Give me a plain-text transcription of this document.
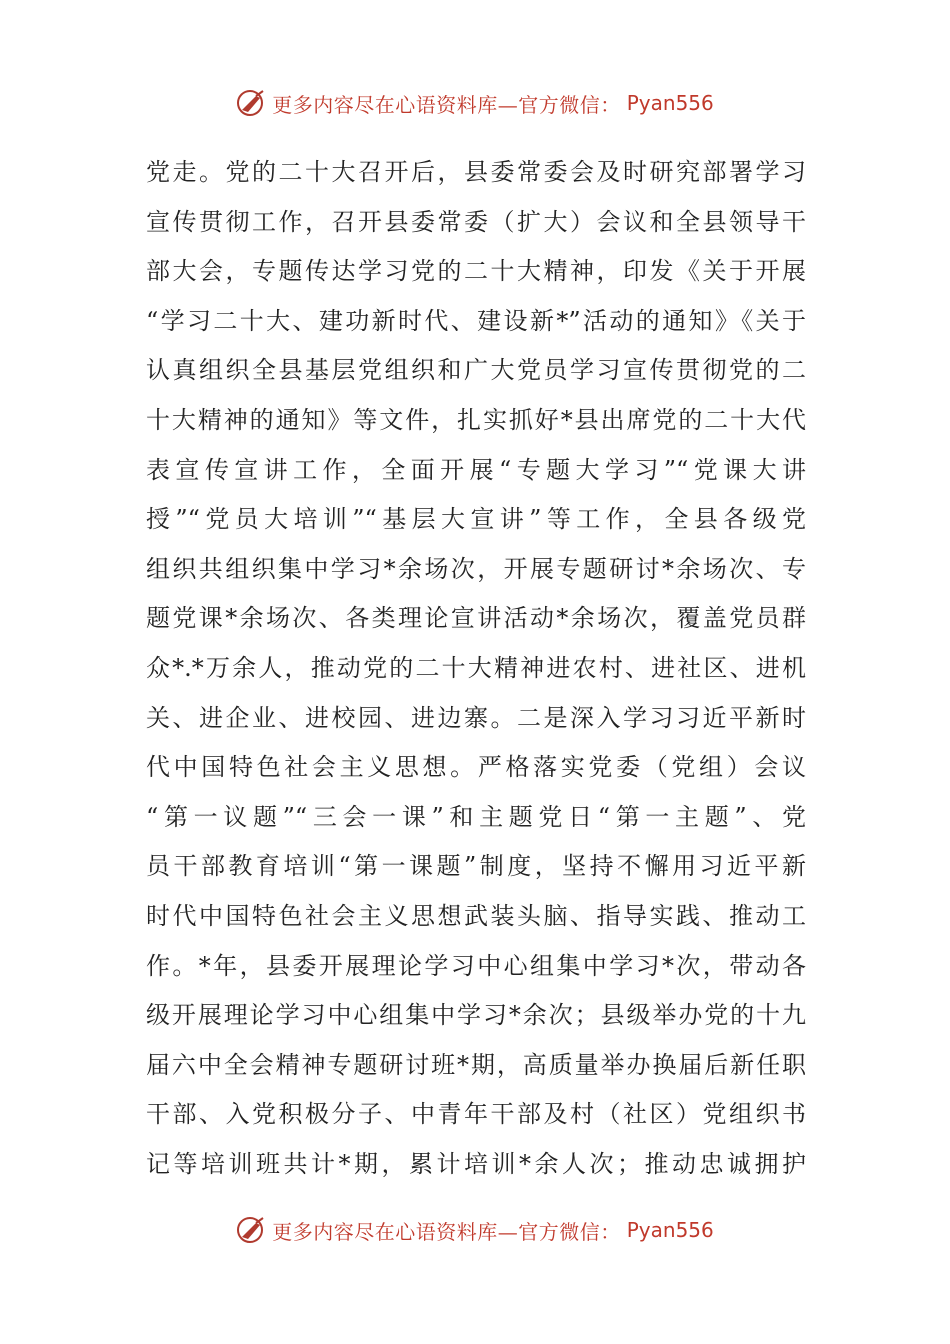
更多内容尽在心语资料库—官方微信： Pyan556
党走。党的二十大召开后，县委常委会及时研究部署学习
宣传贯彻工作，召开县委常委（扩大）会议和全县领导干
部大会，专题传达学习党的二十大精神，印发《关于开展
“学习二十大、建功新时代、建设新*”活动的通知》《关于
认真组织全县基层党组织和广大党员学习宣传贯彻党的二
十大精神的通知》等文件，扎实抓好*县出席党的二十大代
表宣传宣讲工作，全面开展“专题大学习”“党课大讲
授”“党员大培训”“基层大宣讲”等工作，全县各级党
组织共组织集中学习*余场次，开展专题研讨*余场次、专
题党课*余场次、各类理论宣讲活动*余场次，覆盖党员群
众*.*万余人，推动党的二十大精神进农村、进社区、进机
关、进企业、进校园、进边寨。二是深入学习习近平新时
代中国特色社会主义思想。严格落实党委（党组）会议
“第一议题”“三会一课”和主题党日“第一主题”、党
员干部教育培训“第一课题”制度，坚持不懈用习近平新
时代中国特色社会主义思想武装头脑、指导实践、推动工
作。*年，县委开展理论学习中心组集中学习*次，带动各
级开展理论学习中心组集中学习*余次；县级举办党的十九
届六中全会精神专题研讨班*期，高质量举办换届后新任职
干部、入党积极分子、中青年干部及村（社区）党组织书
记等培训班共计*期，累计培训*余人次；推动忠诚拥护
更多内容尽在心语资料库—官方微信： Pyan556
